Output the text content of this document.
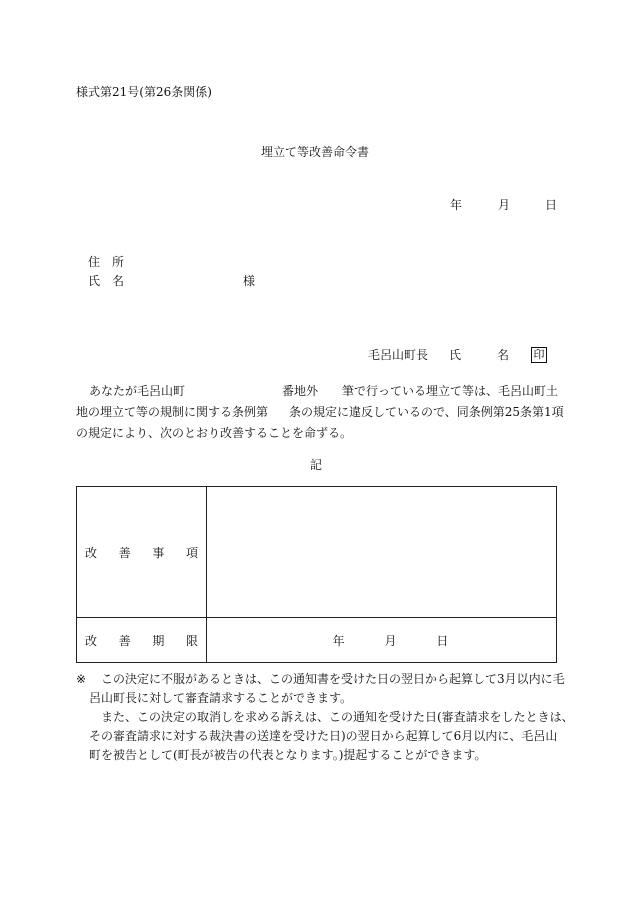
様式第21号(第26条関係)
埋立て等改善命令書
年	月	日
住　所
氏　名	様
毛呂山町長 氏	名 印
あなたが毛呂山町	番地外 筆で行っている埋立て等は、毛呂山町土
地の埋立て等の規制に関する条例第 条の規定に違反しているので、同条例第25条第1項
の規定により、次のとおり改善することを命ずる。
記
改 善 事 項	

改 善 期 限	年 月 日
※ この決定に不服があるときは、この通知書を受けた日の翌日から起算して3月以内に毛
呂山町長に対して審査請求することができます。
また、この決定の取消しを求める訴えは、この通知を受けた日(審査請求をしたときは、
その審査請求に対する裁決書の送達を受けた日)の翌日から起算して6月以内に、毛呂山
町を被告として(町長が被告の代表となります。)提起することができます。
